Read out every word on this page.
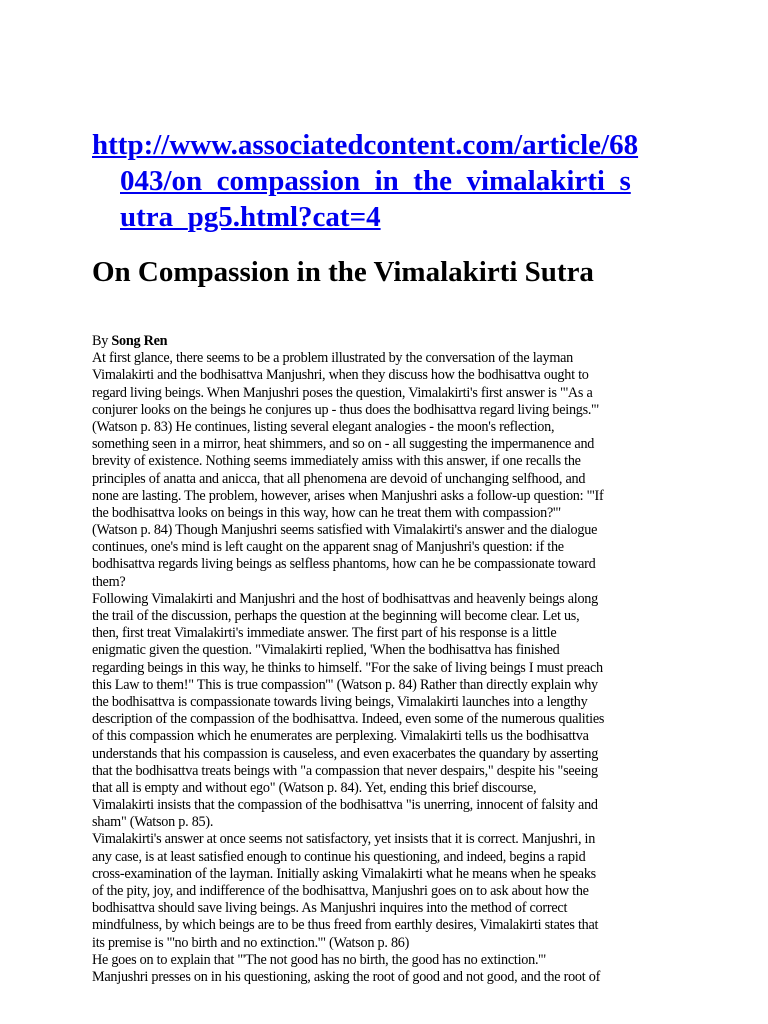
http://www.associatedcontent.com/article/68
043/on_compassion_in_the_vimalakirti_s
utra_pg5.html?cat=4
On Compassion in the Vimalakirti Sutra
By Song Ren
At first glance, there seems to be a problem illustrated by the conversation of the layman
Vimalakirti and the bodhisattva Manjushri, when they discuss how the bodhisattva ought to
regard living beings. When Manjushri poses the question, Vimalakirti's first answer is "'As a
conjurer looks on the beings he conjures up - thus does the bodhisattva regard living beings.'"
(Watson p. 83) He continues, listing several elegant analogies - the moon's reflection,
something seen in a mirror, heat shimmers, and so on - all suggesting the impermanence and
brevity of existence. Nothing seems immediately amiss with this answer, if one recalls the
principles of anatta and anicca, that all phenomena are devoid of unchanging selfhood, and
none are lasting. The problem, however, arises when Manjushri asks a follow-up question: "'If
the bodhisattva looks on beings in this way, how can he treat them with compassion?'"
(Watson p. 84) Though Manjushri seems satisfied with Vimalakirti's answer and the dialogue
continues, one's mind is left caught on the apparent snag of Manjushri's question: if the
bodhisattva regards living beings as selfless phantoms, how can he be compassionate toward
them?
Following Vimalakirti and Manjushri and the host of bodhisattvas and heavenly beings along
the trail of the discussion, perhaps the question at the beginning will become clear. Let us,
then, first treat Vimalakirti's immediate answer. The first part of his response is a little
enigmatic given the question. "Vimalakirti replied, 'When the bodhisattva has finished
regarding beings in this way, he thinks to himself. "For the sake of living beings I must preach
this Law to them!" This is true compassion'" (Watson p. 84) Rather than directly explain why
the bodhisattva is compassionate towards living beings, Vimalakirti launches into a lengthy
description of the compassion of the bodhisattva. Indeed, even some of the numerous qualities
of this compassion which he enumerates are perplexing. Vimalakirti tells us the bodhisattva
understands that his compassion is causeless, and even exacerbates the quandary by asserting
that the bodhisattva treats beings with "a compassion that never despairs," despite his "seeing
that all is empty and without ego" (Watson p. 84). Yet, ending this brief discourse,
Vimalakirti insists that the compassion of the bodhisattva "is unerring, innocent of falsity and
sham" (Watson p. 85).
Vimalakirti's answer at once seems not satisfactory, yet insists that it is correct. Manjushri, in
any case, is at least satisfied enough to continue his questioning, and indeed, begins a rapid
cross-examination of the layman. Initially asking Vimalakirti what he means when he speaks
of the pity, joy, and indifference of the bodhisattva, Manjushri goes on to ask about how the
bodhisattva should save living beings. As Manjushri inquires into the method of correct
mindfulness, by which beings are to be thus freed from earthly desires, Vimalakirti states that
its premise is "'no birth and no extinction.'" (Watson p. 86)
He goes on to explain that "'The not good has no birth, the good has no extinction.'"
Manjushri presses on in his questioning, asking the root of good and not good, and the root of
